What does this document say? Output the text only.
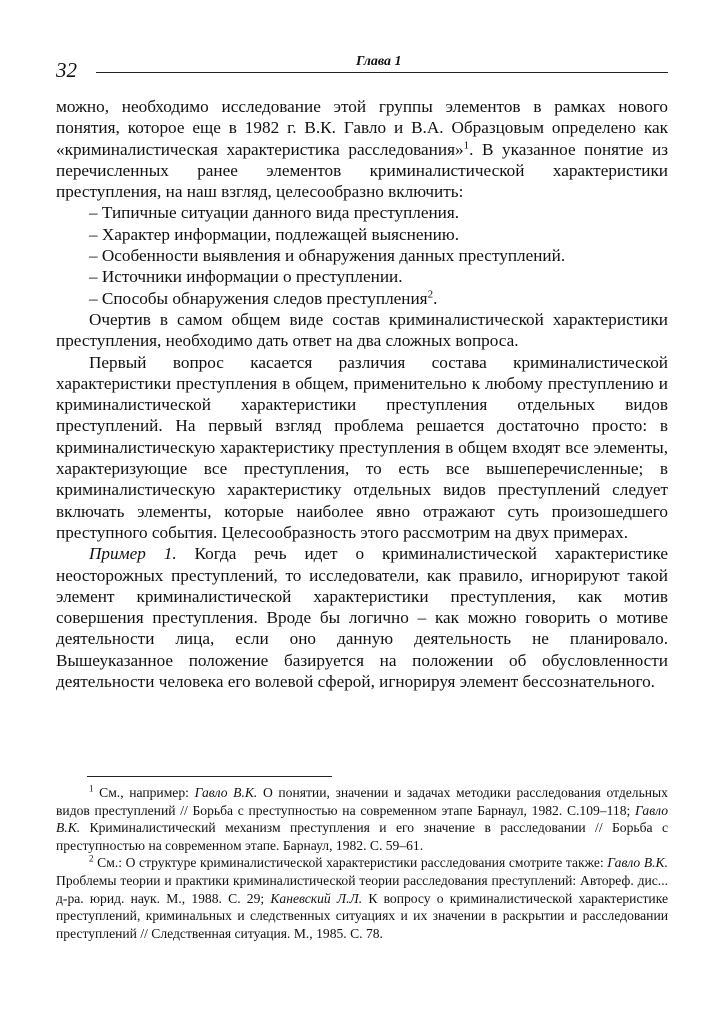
32	Глава 1

можно, необходимо исследование этой группы элементов в рамках нового понятия, которое еще в 1982 г. В.К. Гавло и В.А. Образцовым определено как «криминалистическая характеристика расследования»$^1$. В указанное понятие из перечисленных ранее элементов криминалистической характеристики преступления, на наш взгляд, целесообразно включить:

– Типичные ситуации данного вида преступления.
– Характер информации, подлежащей выяснению.
– Особенности выявления и обнаружения данных преступлений.
– Источники информации о преступлении.
– Способы обнаружения следов преступления$^2$.

Очертив в самом общем виде состав криминалистической характеристики преступления, необходимо дать ответ на два сложных вопроса.

Первый вопрос касается различия состава криминалистической характеристики преступления в общем, применительно к любому преступлению и криминалистической характеристики преступления отдельных видов преступлений. На первый взгляд проблема решается достаточно просто: в криминалистическую характеристику преступления в общем входят все элементы, характеризующие все преступления, то есть все вышеперечисленные; в криминалистическую характеристику отдельных видов преступлений следует включать элементы, которые наиболее явно отражают суть произошедшего преступного события. Целесообразность этого рассмотрим на двух примерах.

Пример 1. Когда речь идет о криминалистической характеристике неосторожных преступлений, то исследователи, как правило, игнорируют такой элемент криминалистической характеристики преступления, как мотив совершения преступления. Вроде бы логично – как можно говорить о мотиве деятельности лица, если оно данную деятельность не планировало. Вышеуказанное положение базируется на положении об обусловленности деятельности человека его волевой сферой, игнорируя элемент бессознательного.

$^1$ См., например: Гавло В.К. О понятии, значении и задачах методики расследования отдельных видов преступлений // Борьба с преступностью на современном этапе Барнаул, 1982. С.109–118; Гавло В.К. Криминалистический механизм преступления и его значение в расследовании // Борьба с преступностью на современном этапе. Барнаул, 1982. С. 59–61.

$^2$ См.: О структуре криминалистической характеристики расследования смотрите также: Гавло В.К. Проблемы теории и практики криминалистической теории расследования преступлений: Автореф. дис... д-ра. юрид. наук. М., 1988. С. 29; Каневский Л.Л. К вопросу о криминалистической характеристике преступлений, криминальных и следственных ситуациях и их значении в раскрытии и расследовании преступлений // Следственная ситуация. М., 1985. С. 78.
